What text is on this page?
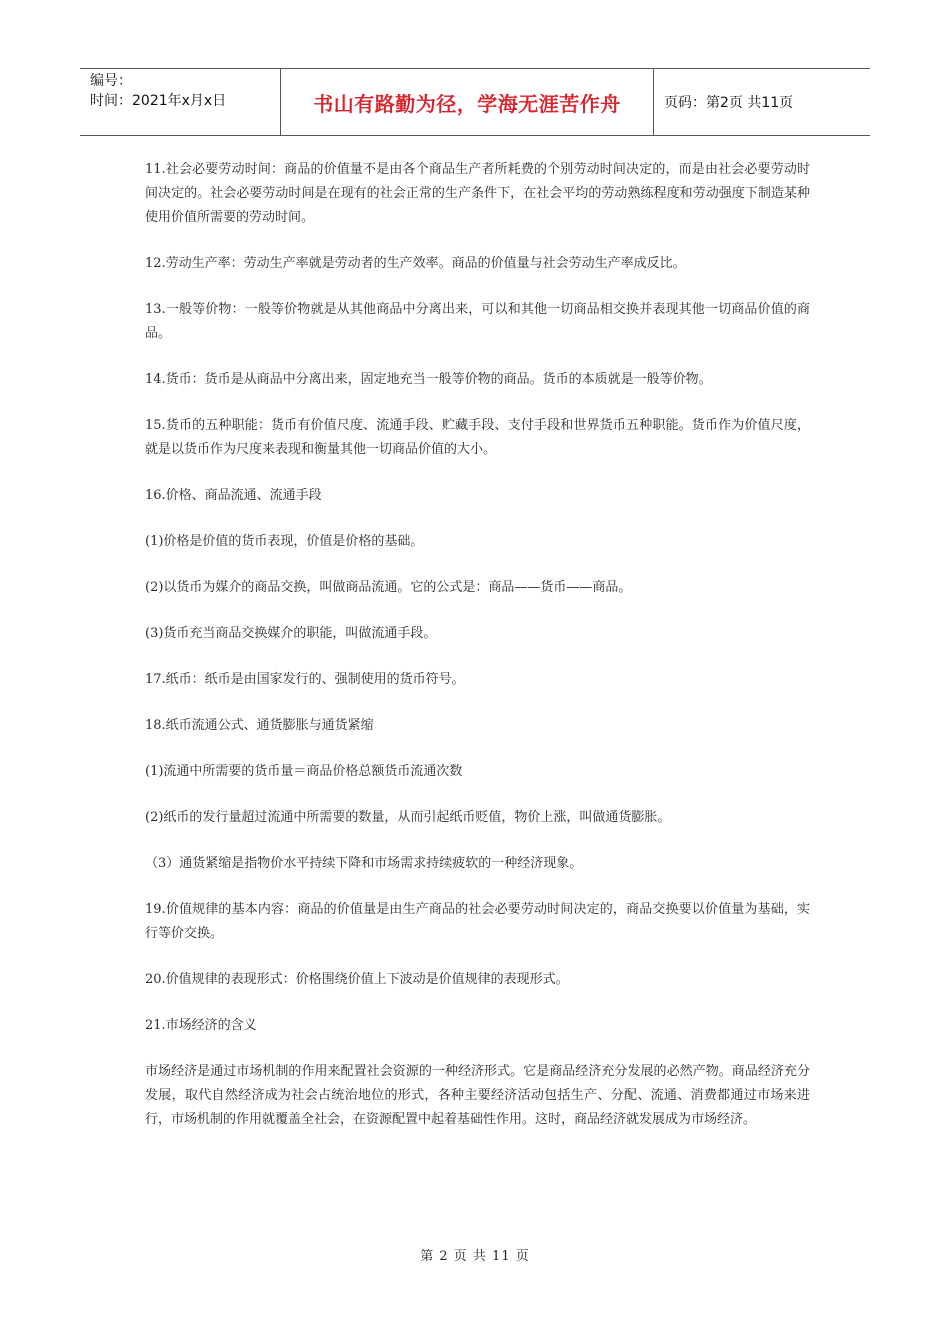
编号：
时间：2021年x月x日	书山有路勤为径，学海无涯苦作舟	页码：第2页 共11页

11.社会必要劳动时间：商品的价值量不是由各个商品生产者所耗费的个别劳动时间决定的，而是由社会必要劳动时间决定的。社会必要劳动时间是在现有的社会正常的生产条件下，在社会平均的劳动熟练程度和劳动强度下制造某种使用价值所需要的劳动时间。

12.劳动生产率：劳动生产率就是劳动者的生产效率。商品的价值量与社会劳动生产率成反比。

13.一般等价物：一般等价物就是从其他商品中分离出来，可以和其他一切商品相交换并表现其他一切商品价值的商品。

14.货币：货币是从商品中分离出来，固定地充当一般等价物的商品。货币的本质就是一般等价物。

15.货币的五种职能：货币有价值尺度、流通手段、贮藏手段、支付手段和世界货币五种职能。货币作为价值尺度，就是以货币作为尺度来表现和衡量其他一切商品价值的大小。

16.价格、商品流通、流通手段

(1)价格是价值的货币表现，价值是价格的基础。

(2)以货币为媒介的商品交换，叫做商品流通。它的公式是：商品——货币——商品。

(3)货币充当商品交换媒介的职能，叫做流通手段。

17.纸币：纸币是由国家发行的、强制使用的货币符号。

18.纸币流通公式、通货膨胀与通货紧缩

(1)流通中所需要的货币量＝商品价格总额货币流通次数

(2)纸币的发行量超过流通中所需要的数量，从而引起纸币贬值，物价上涨，叫做通货膨胀。

（3）通货紧缩是指物价水平持续下降和市场需求持续疲软的一种经济现象。

19.价值规律的基本内容：商品的价值量是由生产商品的社会必要劳动时间决定的，商品交换要以价值量为基础，实行等价交换。

20.价值规律的表现形式：价格围绕价值上下波动是价值规律的表现形式。

21.市场经济的含义

市场经济是通过市场机制的作用来配置社会资源的一种经济形式。它是商品经济充分发展的必然产物。商品经济充分发展，取代自然经济成为社会占统治地位的形式，各种主要经济活动包括生产、分配、流通、消费都通过市场来进行，市场机制的作用就覆盖全社会，在资源配置中起着基础性作用。这时，商品经济就发展成为市场经济。

第 2 页 共 11 页
